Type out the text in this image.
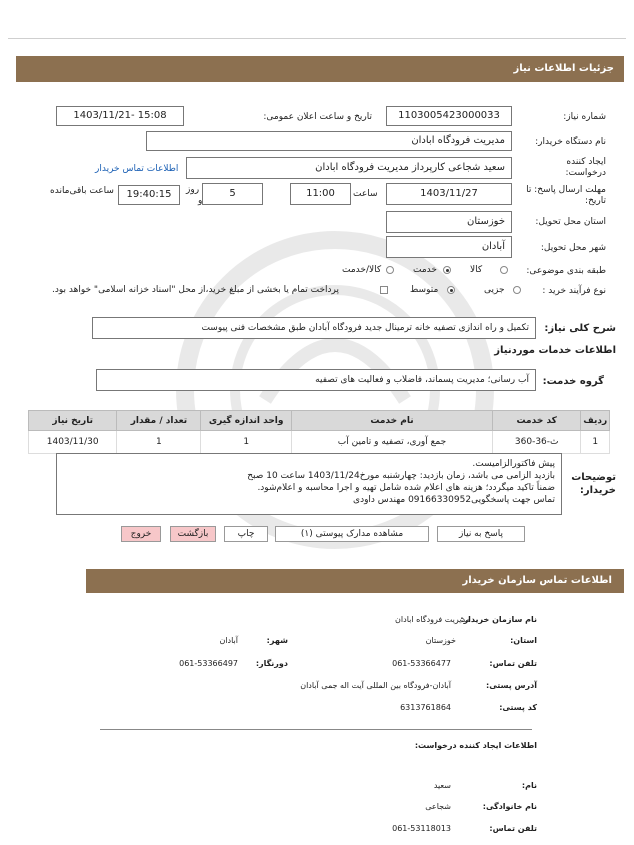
جزئیات اطلاعات نیاز
شماره نیاز:
1103005423000033
تاریخ و ساعت اعلان عمومی:
1403/11/21- 15:08
نام دستگاه خریدار:
مدیریت فرودگاه ابادان
ایجاد کننده درخواست:
سعید شجاعی کارپرداز مدیریت فرودگاه ابادان
اطلاعات تماس خریدار
مهلت ارسال پاسخ: تا تاریخ:
1403/11/27
ساعت
11:00
5
روز
و
19:40:15
ساعت باقی‌مانده
استان محل تحویل:
خوزستان
شهر محل تحویل:
آبادان
طبقه بندی موضوعی:
کالا
خدمت
کالا/خدمت
نوع فرآیند خرید :
جزیی
متوسط
پرداخت تمام یا بخشی از مبلغ خرید،از محل "اسناد خزانه اسلامی" خواهد بود.
شرح کلی نیاز:
تکمیل و راه اندازی تصفیه خانه ترمینال جدید فرودگاه آبادان طبق مشخصات فنی پیوست
اطلاعات خدمات موردنیاز
گروه خدمت:
آب رسانی؛ مدیریت پسماند، فاضلاب و فعالیت های تصفیه
ردیف	کد خدمت	نام خدمت	واحد اندازه گیری	تعداد / مقدار	تاریخ نیاز
1	ث-36-360	جمع آوری، تصفیه و تامین آب	1	1	1403/11/30
توضیحات خریدار:
پیش فاکتورالزامیست.
بازدید الزامی می باشد، زمان بازدید: چهارشنبه مورخ1403/11/24 ساعت 10 صبح
ضمناً تاکید میگردد؛ هزینه های اعلام شده شامل تهیه و اجرا محاسبه و اعلام‌شود.
تماس جهت پاسخگویی09166330952 مهندس داودی
پاسخ به نیاز
مشاهده مدارک پیوستی (۱)
چاپ
بازگشت
خروج
اطلاعات تماس سازمان خریدار
نام سازمان خریدار:
مدیریت فرودگاه ابادان
استان:
خوزستان
شهر:
آبادان
تلفن تماس:
061-53366477
دورنگار:
061-53366497
آدرس پستی:
آبادان-فرودگاه بین المللی آیت اله جمی آبادان
کد پستی:
6313761864
اطلاعات ایجاد کننده درخواست:
نام:
سعید
نام خانوادگی:
شجاعی
تلفن تماس:
061-53118013
